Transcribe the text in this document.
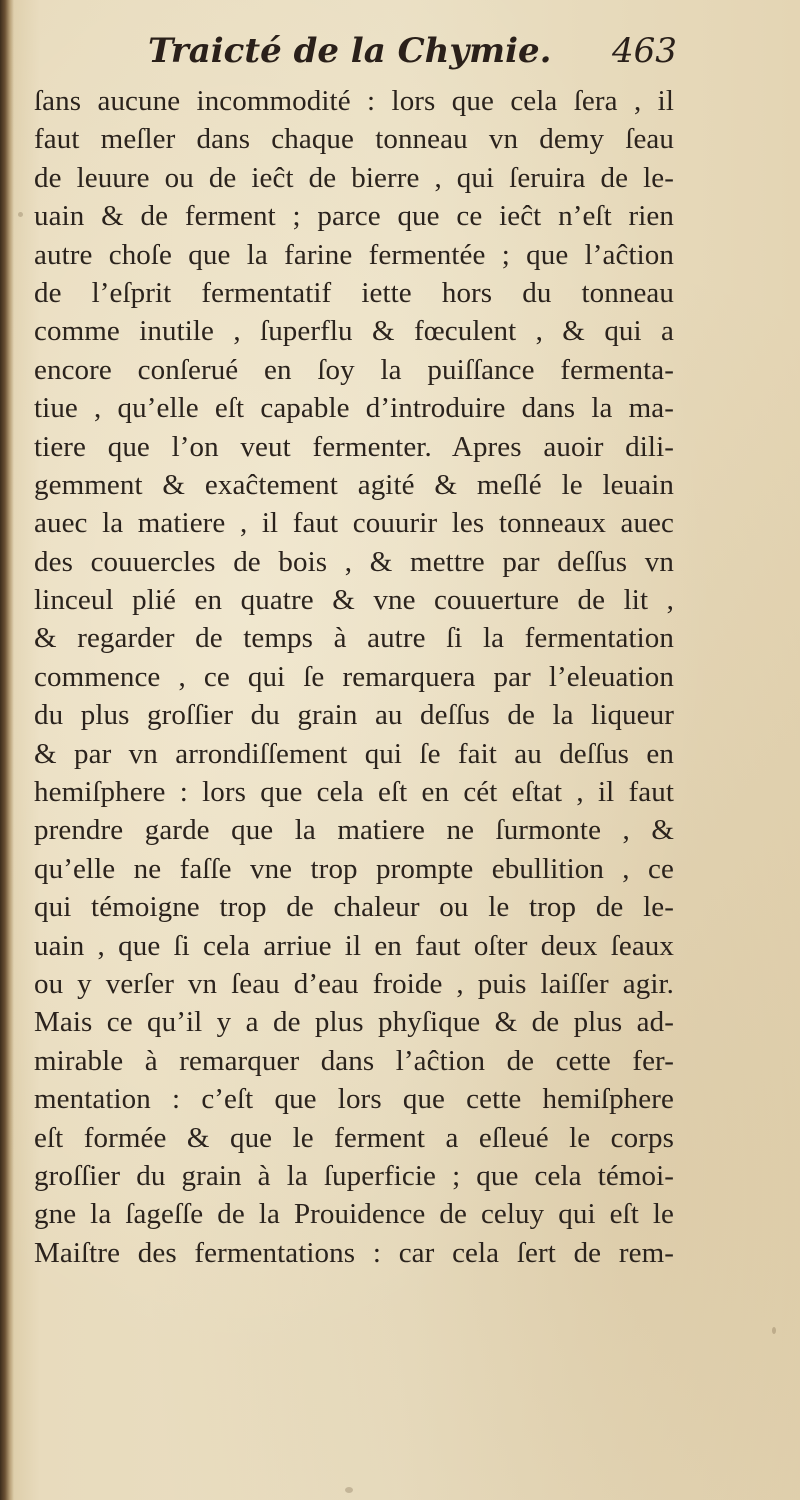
Traicté de la Chymie. 463
ſans aucune incommodité : lors que cela ſera , il
faut meſler dans chaque tonneau vn demy ſeau
de leuure ou de ieĉt de bierre , qui ſeruira de le-
uain & de ferment ; parce que ce ieĉt n’eſt rien
autre choſe que la farine fermentée ; que l’aĉtion
de l’eſprit fermentatif iette hors du tonneau
comme inutile , ſuperflu & fœculent , & qui a
encore conſerué en ſoy la puiſſance fermenta-
tiue , qu’elle eſt capable d’introduire dans la ma-
tiere que l’on veut fermenter. Apres auoir dili-
gemment & exaĉtement agité & meſlé le leuain
auec la matiere , il faut couurir les tonneaux auec
des couuercles de bois , & mettre par deſſus vn
linceul plié en quatre & vne couuerture de lit ,
& regarder de temps à autre ſi la fermentation
commence , ce qui ſe remarquera par l’eleuation
du plus groſſier du grain au deſſus de la liqueur
& par vn arrondiſſement qui ſe fait au deſſus en
hemiſphere : lors que cela eſt en cét eſtat , il faut
prendre garde que la matiere ne ſurmonte , &
qu’elle ne faſſe vne trop prompte ebullition , ce
qui témoigne trop de chaleur ou le trop de le-
uain , que ſi cela arriue il en faut oſter deux ſeaux
ou y verſer vn ſeau d’eau froide , puis laiſſer agir.
Mais ce qu’il y a de plus phyſique & de plus ad-
mirable à remarquer dans l’aĉtion de cette fer-
mentation : c’eſt que lors que cette hemiſphere
eſt formée & que le ferment a eſleué le corps
groſſier du grain à la ſuperficie ; que cela témoi-
gne la ſageſſe de la Prouidence de celuy qui eſt le
Maiſtre des fermentations : car cela ſert de rem-
